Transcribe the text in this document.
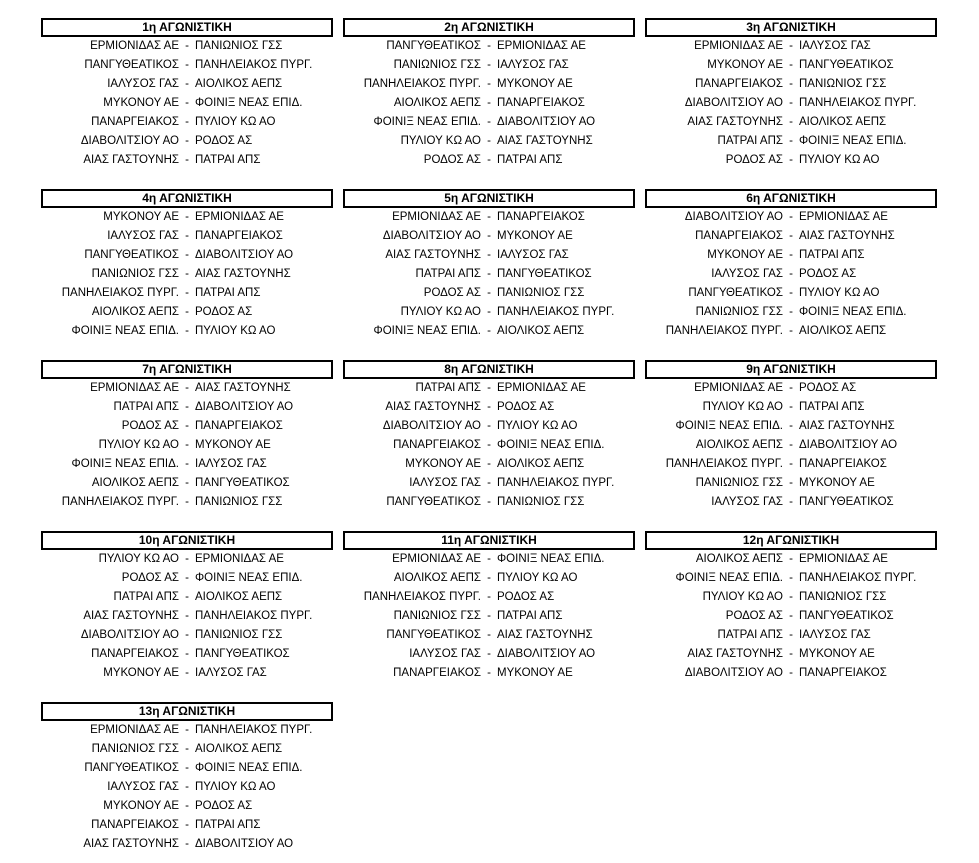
1η ΑΓΩΝΙΣΤΙΚΗ
ΕΡΜΙΟΝΙΔΑΣ ΑΕ - ΠΑΝΙΩΝΙΟΣ ΓΣΣ
ΠΑΝΓΥΘΕΑΤΙΚΟΣ - ΠΑΝΗΛΕΙΑΚΟΣ ΠΥΡΓ.
ΙΑΛΥΣΟΣ ΓΑΣ - ΑΙΟΛΙΚΟΣ ΑΕΠΣ
ΜΥΚΟΝΟΥ ΑΕ - ΦΟΙΝΙΞ ΝΕΑΣ ΕΠΙΔ.
ΠΑΝΑΡΓΕΙΑΚΟΣ - ΠΥΛΙΟΥ ΚΩ ΑΟ
ΔΙΑΒΟΛΙΤΣΙΟΥ ΑΟ - ΡΟΔΟΣ ΑΣ
ΑΙΑΣ ΓΑΣΤΟΥΝΗΣ - ΠΑΤΡΑΙ ΑΠΣ
2η ΑΓΩΝΙΣΤΙΚΗ
ΠΑΝΓΥΘΕΑΤΙΚΟΣ - ΕΡΜΙΟΝΙΔΑΣ ΑΕ
ΠΑΝΙΩΝΙΟΣ ΓΣΣ - ΙΑΛΥΣΟΣ ΓΑΣ
ΠΑΝΗΛΕΙΑΚΟΣ ΠΥΡΓ. - ΜΥΚΟΝΟΥ ΑΕ
ΑΙΟΛΙΚΟΣ ΑΕΠΣ - ΠΑΝΑΡΓΕΙΑΚΟΣ
ΦΟΙΝΙΞ ΝΕΑΣ ΕΠΙΔ. - ΔΙΑΒΟΛΙΤΣΙΟΥ ΑΟ
ΠΥΛΙΟΥ ΚΩ ΑΟ - ΑΙΑΣ ΓΑΣΤΟΥΝΗΣ
ΡΟΔΟΣ ΑΣ - ΠΑΤΡΑΙ ΑΠΣ
3η ΑΓΩΝΙΣΤΙΚΗ
ΕΡΜΙΟΝΙΔΑΣ ΑΕ - ΙΑΛΥΣΟΣ ΓΑΣ
ΜΥΚΟΝΟΥ ΑΕ - ΠΑΝΓΥΘΕΑΤΙΚΟΣ
ΠΑΝΑΡΓΕΙΑΚΟΣ - ΠΑΝΙΩΝΙΟΣ ΓΣΣ
ΔΙΑΒΟΛΙΤΣΙΟΥ ΑΟ - ΠΑΝΗΛΕΙΑΚΟΣ ΠΥΡΓ.
ΑΙΑΣ ΓΑΣΤΟΥΝΗΣ - ΑΙΟΛΙΚΟΣ ΑΕΠΣ
ΠΑΤΡΑΙ ΑΠΣ - ΦΟΙΝΙΞ ΝΕΑΣ ΕΠΙΔ.
ΡΟΔΟΣ ΑΣ - ΠΥΛΙΟΥ ΚΩ ΑΟ
4η ΑΓΩΝΙΣΤΙΚΗ
ΜΥΚΟΝΟΥ ΑΕ - ΕΡΜΙΟΝΙΔΑΣ ΑΕ
ΙΑΛΥΣΟΣ ΓΑΣ - ΠΑΝΑΡΓΕΙΑΚΟΣ
ΠΑΝΓΥΘΕΑΤΙΚΟΣ - ΔΙΑΒΟΛΙΤΣΙΟΥ ΑΟ
ΠΑΝΙΩΝΙΟΣ ΓΣΣ - ΑΙΑΣ ΓΑΣΤΟΥΝΗΣ
ΠΑΝΗΛΕΙΑΚΟΣ ΠΥΡΓ. - ΠΑΤΡΑΙ ΑΠΣ
ΑΙΟΛΙΚΟΣ ΑΕΠΣ - ΡΟΔΟΣ ΑΣ
ΦΟΙΝΙΞ ΝΕΑΣ ΕΠΙΔ. - ΠΥΛΙΟΥ ΚΩ ΑΟ
5η ΑΓΩΝΙΣΤΙΚΗ
ΕΡΜΙΟΝΙΔΑΣ ΑΕ - ΠΑΝΑΡΓΕΙΑΚΟΣ
ΔΙΑΒΟΛΙΤΣΙΟΥ ΑΟ - ΜΥΚΟΝΟΥ ΑΕ
ΑΙΑΣ ΓΑΣΤΟΥΝΗΣ - ΙΑΛΥΣΟΣ ΓΑΣ
ΠΑΤΡΑΙ ΑΠΣ - ΠΑΝΓΥΘΕΑΤΙΚΟΣ
ΡΟΔΟΣ ΑΣ - ΠΑΝΙΩΝΙΟΣ ΓΣΣ
ΠΥΛΙΟΥ ΚΩ ΑΟ - ΠΑΝΗΛΕΙΑΚΟΣ ΠΥΡΓ.
ΦΟΙΝΙΞ ΝΕΑΣ ΕΠΙΔ. - ΑΙΟΛΙΚΟΣ ΑΕΠΣ
6η ΑΓΩΝΙΣΤΙΚΗ
ΔΙΑΒΟΛΙΤΣΙΟΥ ΑΟ - ΕΡΜΙΟΝΙΔΑΣ ΑΕ
ΠΑΝΑΡΓΕΙΑΚΟΣ - ΑΙΑΣ ΓΑΣΤΟΥΝΗΣ
ΜΥΚΟΝΟΥ ΑΕ - ΠΑΤΡΑΙ ΑΠΣ
ΙΑΛΥΣΟΣ ΓΑΣ - ΡΟΔΟΣ ΑΣ
ΠΑΝΓΥΘΕΑΤΙΚΟΣ - ΠΥΛΙΟΥ ΚΩ ΑΟ
ΠΑΝΙΩΝΙΟΣ ΓΣΣ - ΦΟΙΝΙΞ ΝΕΑΣ ΕΠΙΔ.
ΠΑΝΗΛΕΙΑΚΟΣ ΠΥΡΓ. - ΑΙΟΛΙΚΟΣ ΑΕΠΣ
7η ΑΓΩΝΙΣΤΙΚΗ
ΕΡΜΙΟΝΙΔΑΣ ΑΕ - ΑΙΑΣ ΓΑΣΤΟΥΝΗΣ
ΠΑΤΡΑΙ ΑΠΣ - ΔΙΑΒΟΛΙΤΣΙΟΥ ΑΟ
ΡΟΔΟΣ ΑΣ - ΠΑΝΑΡΓΕΙΑΚΟΣ
ΠΥΛΙΟΥ ΚΩ ΑΟ - ΜΥΚΟΝΟΥ ΑΕ
ΦΟΙΝΙΞ ΝΕΑΣ ΕΠΙΔ. - ΙΑΛΥΣΟΣ ΓΑΣ
ΑΙΟΛΙΚΟΣ ΑΕΠΣ - ΠΑΝΓΥΘΕΑΤΙΚΟΣ
ΠΑΝΗΛΕΙΑΚΟΣ ΠΥΡΓ. - ΠΑΝΙΩΝΙΟΣ ΓΣΣ
8η ΑΓΩΝΙΣΤΙΚΗ
ΠΑΤΡΑΙ ΑΠΣ - ΕΡΜΙΟΝΙΔΑΣ ΑΕ
ΑΙΑΣ ΓΑΣΤΟΥΝΗΣ - ΡΟΔΟΣ ΑΣ
ΔΙΑΒΟΛΙΤΣΙΟΥ ΑΟ - ΠΥΛΙΟΥ ΚΩ ΑΟ
ΠΑΝΑΡΓΕΙΑΚΟΣ - ΦΟΙΝΙΞ ΝΕΑΣ ΕΠΙΔ.
ΜΥΚΟΝΟΥ ΑΕ - ΑΙΟΛΙΚΟΣ ΑΕΠΣ
ΙΑΛΥΣΟΣ ΓΑΣ - ΠΑΝΗΛΕΙΑΚΟΣ ΠΥΡΓ.
ΠΑΝΓΥΘΕΑΤΙΚΟΣ - ΠΑΝΙΩΝΙΟΣ ΓΣΣ
9η ΑΓΩΝΙΣΤΙΚΗ
ΕΡΜΙΟΝΙΔΑΣ ΑΕ - ΡΟΔΟΣ ΑΣ
ΠΥΛΙΟΥ ΚΩ ΑΟ - ΠΑΤΡΑΙ ΑΠΣ
ΦΟΙΝΙΞ ΝΕΑΣ ΕΠΙΔ. - ΑΙΑΣ ΓΑΣΤΟΥΝΗΣ
ΑΙΟΛΙΚΟΣ ΑΕΠΣ - ΔΙΑΒΟΛΙΤΣΙΟΥ ΑΟ
ΠΑΝΗΛΕΙΑΚΟΣ ΠΥΡΓ. - ΠΑΝΑΡΓΕΙΑΚΟΣ
ΠΑΝΙΩΝΙΟΣ ΓΣΣ - ΜΥΚΟΝΟΥ ΑΕ
ΙΑΛΥΣΟΣ ΓΑΣ - ΠΑΝΓΥΘΕΑΤΙΚΟΣ
10η ΑΓΩΝΙΣΤΙΚΗ
ΠΥΛΙΟΥ ΚΩ ΑΟ - ΕΡΜΙΟΝΙΔΑΣ ΑΕ
ΡΟΔΟΣ ΑΣ - ΦΟΙΝΙΞ ΝΕΑΣ ΕΠΙΔ.
ΠΑΤΡΑΙ ΑΠΣ - ΑΙΟΛΙΚΟΣ ΑΕΠΣ
ΑΙΑΣ ΓΑΣΤΟΥΝΗΣ - ΠΑΝΗΛΕΙΑΚΟΣ ΠΥΡΓ.
ΔΙΑΒΟΛΙΤΣΙΟΥ ΑΟ - ΠΑΝΙΩΝΙΟΣ ΓΣΣ
ΠΑΝΑΡΓΕΙΑΚΟΣ - ΠΑΝΓΥΘΕΑΤΙΚΟΣ
ΜΥΚΟΝΟΥ ΑΕ - ΙΑΛΥΣΟΣ ΓΑΣ
11η ΑΓΩΝΙΣΤΙΚΗ
ΕΡΜΙΟΝΙΔΑΣ ΑΕ - ΦΟΙΝΙΞ ΝΕΑΣ ΕΠΙΔ.
ΑΙΟΛΙΚΟΣ ΑΕΠΣ - ΠΥΛΙΟΥ ΚΩ ΑΟ
ΠΑΝΗΛΕΙΑΚΟΣ ΠΥΡΓ. - ΡΟΔΟΣ ΑΣ
ΠΑΝΙΩΝΙΟΣ ΓΣΣ - ΠΑΤΡΑΙ ΑΠΣ
ΠΑΝΓΥΘΕΑΤΙΚΟΣ - ΑΙΑΣ ΓΑΣΤΟΥΝΗΣ
ΙΑΛΥΣΟΣ ΓΑΣ - ΔΙΑΒΟΛΙΤΣΙΟΥ ΑΟ
ΠΑΝΑΡΓΕΙΑΚΟΣ - ΜΥΚΟΝΟΥ ΑΕ
12η ΑΓΩΝΙΣΤΙΚΗ
ΑΙΟΛΙΚΟΣ ΑΕΠΣ - ΕΡΜΙΟΝΙΔΑΣ ΑΕ
ΦΟΙΝΙΞ ΝΕΑΣ ΕΠΙΔ. - ΠΑΝΗΛΕΙΑΚΟΣ ΠΥΡΓ.
ΠΥΛΙΟΥ ΚΩ ΑΟ - ΠΑΝΙΩΝΙΟΣ ΓΣΣ
ΡΟΔΟΣ ΑΣ - ΠΑΝΓΥΘΕΑΤΙΚΟΣ
ΠΑΤΡΑΙ ΑΠΣ - ΙΑΛΥΣΟΣ ΓΑΣ
ΑΙΑΣ ΓΑΣΤΟΥΝΗΣ - ΜΥΚΟΝΟΥ ΑΕ
ΔΙΑΒΟΛΙΤΣΙΟΥ ΑΟ - ΠΑΝΑΡΓΕΙΑΚΟΣ
13η ΑΓΩΝΙΣΤΙΚΗ
ΕΡΜΙΟΝΙΔΑΣ ΑΕ - ΠΑΝΗΛΕΙΑΚΟΣ ΠΥΡΓ.
ΠΑΝΙΩΝΙΟΣ ΓΣΣ - ΑΙΟΛΙΚΟΣ ΑΕΠΣ
ΠΑΝΓΥΘΕΑΤΙΚΟΣ - ΦΟΙΝΙΞ ΝΕΑΣ ΕΠΙΔ.
ΙΑΛΥΣΟΣ ΓΑΣ - ΠΥΛΙΟΥ ΚΩ ΑΟ
ΜΥΚΟΝΟΥ ΑΕ - ΡΟΔΟΣ ΑΣ
ΠΑΝΑΡΓΕΙΑΚΟΣ - ΠΑΤΡΑΙ ΑΠΣ
ΑΙΑΣ ΓΑΣΤΟΥΝΗΣ - ΔΙΑΒΟΛΙΤΣΙΟΥ ΑΟ
